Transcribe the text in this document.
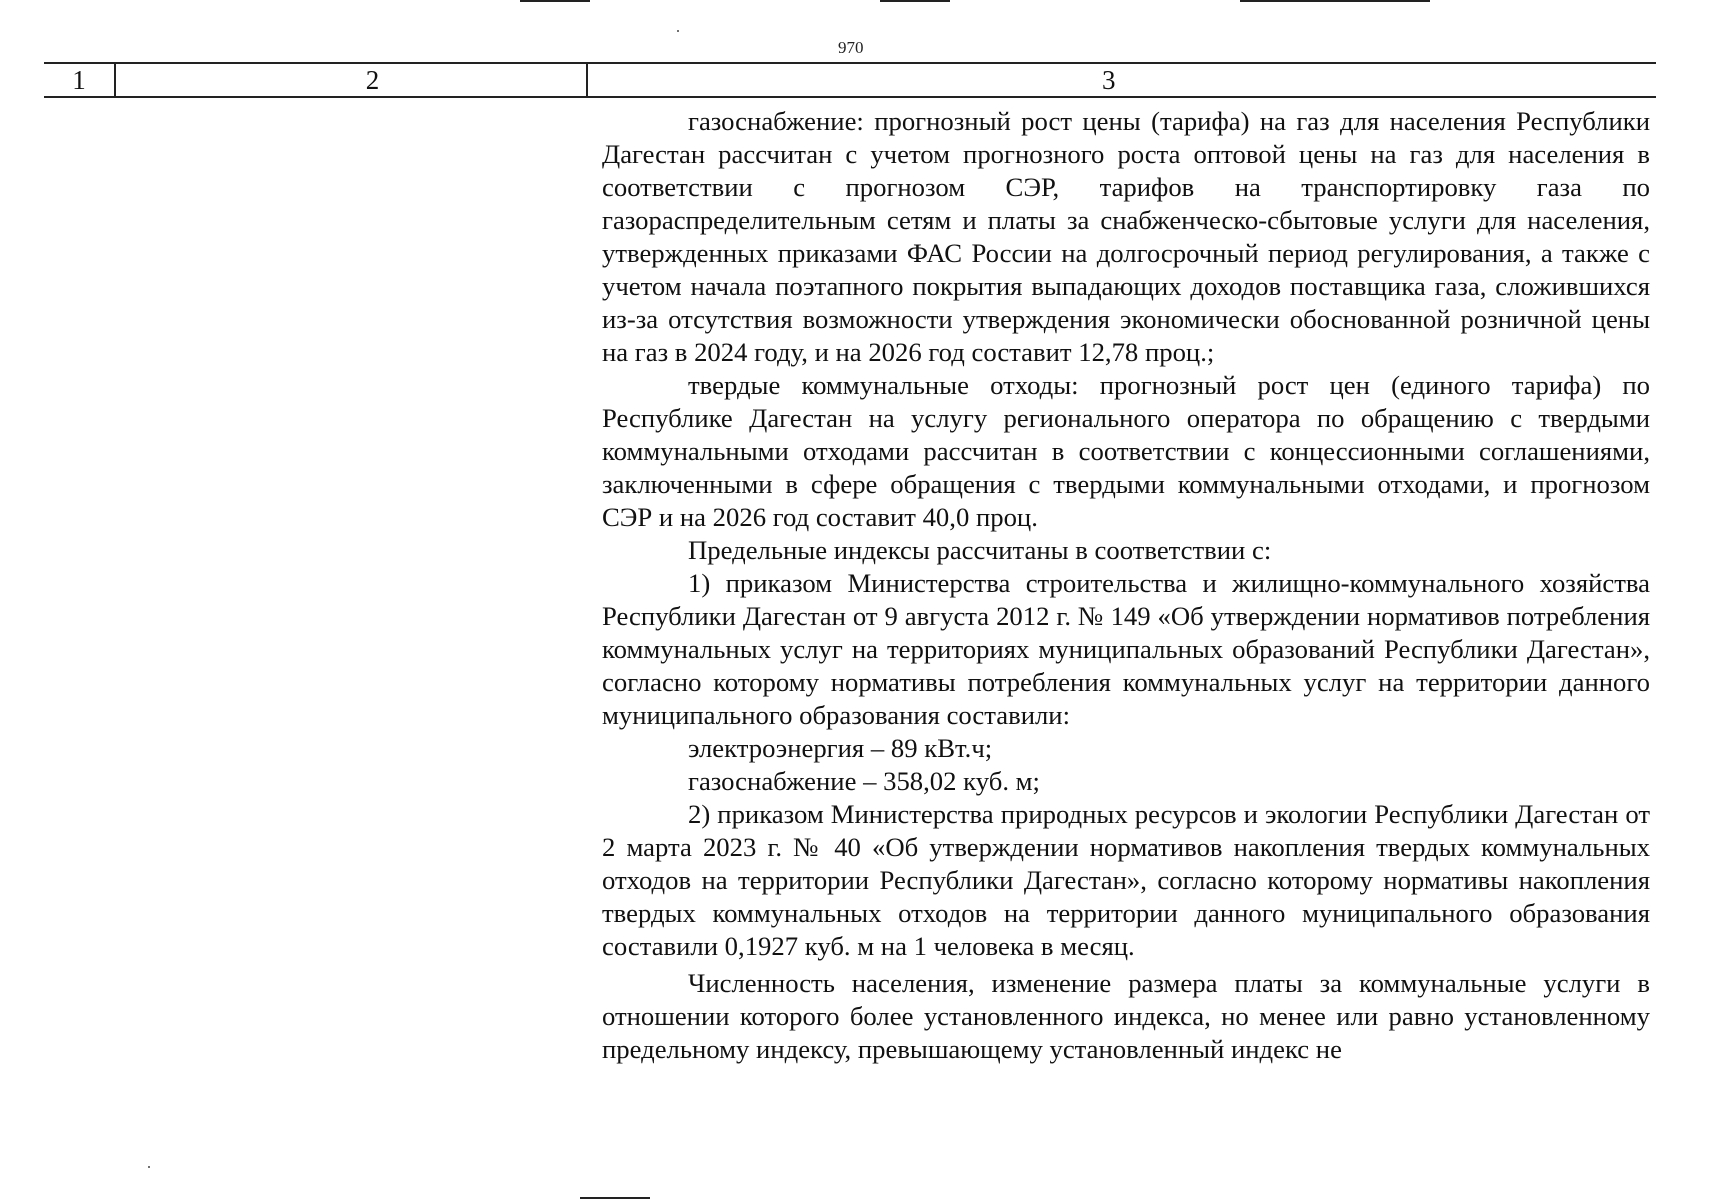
970
1	2	3

газоснабжение: прогнозный рост цены (тарифа) на газ для населения Республики Дагестан рассчитан с учетом прогнозного роста оптовой цены на газ для населения в соответствии с прогнозом СЭР, тарифов на транспортировку газа по газораспределительным сетям и платы за снабженческо-сбытовые услуги для населения, утвержденных приказами ФАС России на долгосрочный период регулирования, а также с учетом начала поэтапного покрытия выпадающих доходов поставщика газа, сложившихся из-за отсутствия возможности утверждения экономически обоснованной розничной цены на газ в 2024 году, и на 2026 год составит 12,78 проц.;

твердые коммунальные отходы: прогнозный рост цен (единого тарифа) по Республике Дагестан на услугу регионального оператора по обращению с твердыми коммунальными отходами рассчитан в соответствии с концессионными соглашениями, заключенными в сфере обращения с твердыми коммунальными отходами, и прогнозом СЭР и на 2026 год составит 40,0 проц.

Предельные индексы рассчитаны в соответствии с:

1) приказом Министерства строительства и жилищно-коммунального хозяйства Республики Дагестан от 9 августа 2012 г. № 149 «Об утверждении нормативов потребления коммунальных услуг на территориях муниципальных образований Республики Дагестан», согласно которому нормативы потребления коммунальных услуг на территории данного муниципального образования составили:

электроэнергия – 89 кВт.ч;

газоснабжение – 358,02 куб. м;

2) приказом Министерства природных ресурсов и экологии Республики Дагестан от 2 марта 2023 г. № 40 «Об утверждении нормативов накопления твердых коммунальных отходов на территории Республики Дагестан», согласно которому нормативы накопления твердых коммунальных отходов на территории данного муниципального образования составили 0,1927 куб. м на 1 человека в месяц.

Численность населения, изменение размера платы за коммунальные услуги в отношении которого более установленного индекса, но менее или равно установленному предельному индексу, превышающему установленный индекс не
